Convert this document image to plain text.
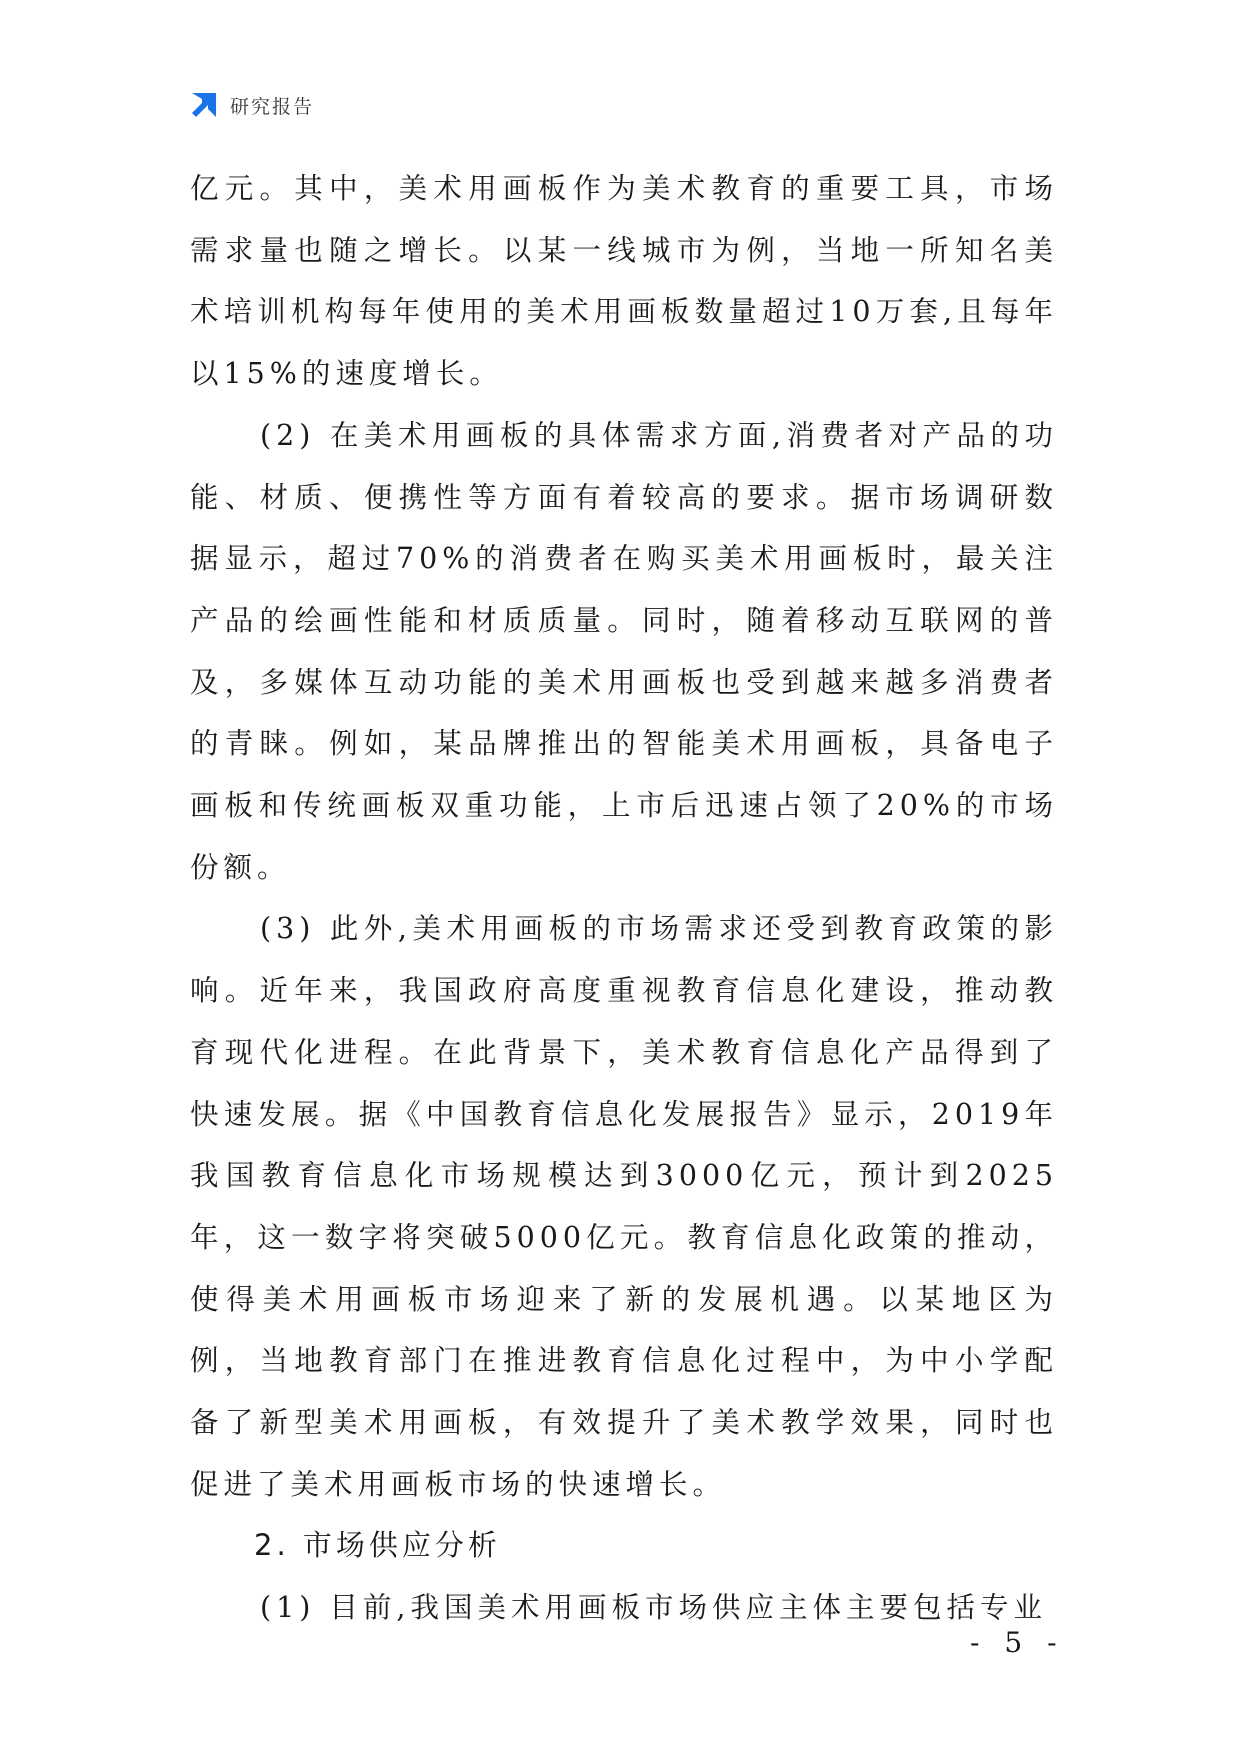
研究报告

亿元。其中，美术用画板作为美术教育的重要工具，市场需求量也随之增长。以某一线城市为例，当地一所知名美术培训机构每年使用的美术用画板数量超过10万套,且每年以15%的速度增长。

(2) 在美术用画板的具体需求方面,消费者对产品的功能、材质、便携性等方面有着较高的要求。据市场调研数据显示，超过70%的消费者在购买美术用画板时，最关注产品的绘画性能和材质质量。同时，随着移动互联网的普及，多媒体互动功能的美术用画板也受到越来越多消费者的青睐。例如，某品牌推出的智能美术用画板，具备电子画板和传统画板双重功能，上市后迅速占领了20%的市场份额。

(3) 此外,美术用画板的市场需求还受到教育政策的影响。近年来，我国政府高度重视教育信息化建设，推动教育现代化进程。在此背景下，美术教育信息化产品得到了快速发展。据《中国教育信息化发展报告》显示，2019年我国教育信息化市场规模达到3000亿元，预计到2025年，这一数字将突破5000亿元。教育信息化政策的推动，使得美术用画板市场迎来了新的发展机遇。以某地区为例，当地教育部门在推进教育信息化过程中，为中小学配备了新型美术用画板，有效提升了美术教学效果，同时也促进了美术用画板市场的快速增长。

2. 市场供应分析

(1) 目前,我国美术用画板市场供应主体主要包括专业

- 5 -
